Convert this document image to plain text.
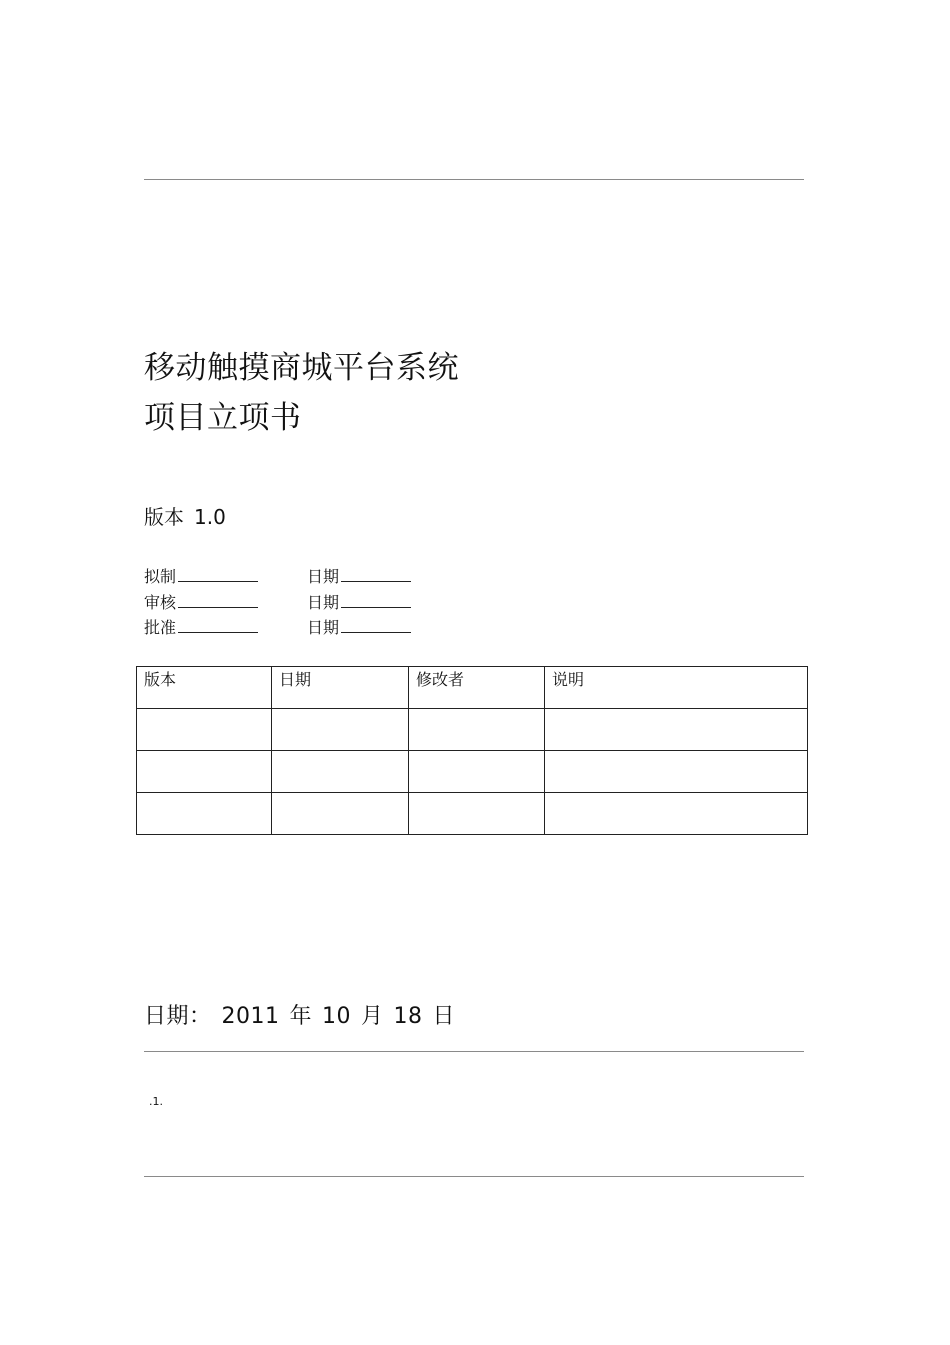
移动触摸商城平台系统
项目立项书
版本 1.0
拟制	日期
审核	日期
批准	日期
版本	日期	修改者	说明

日期： 2011 年 10 月 18 日
.1.
